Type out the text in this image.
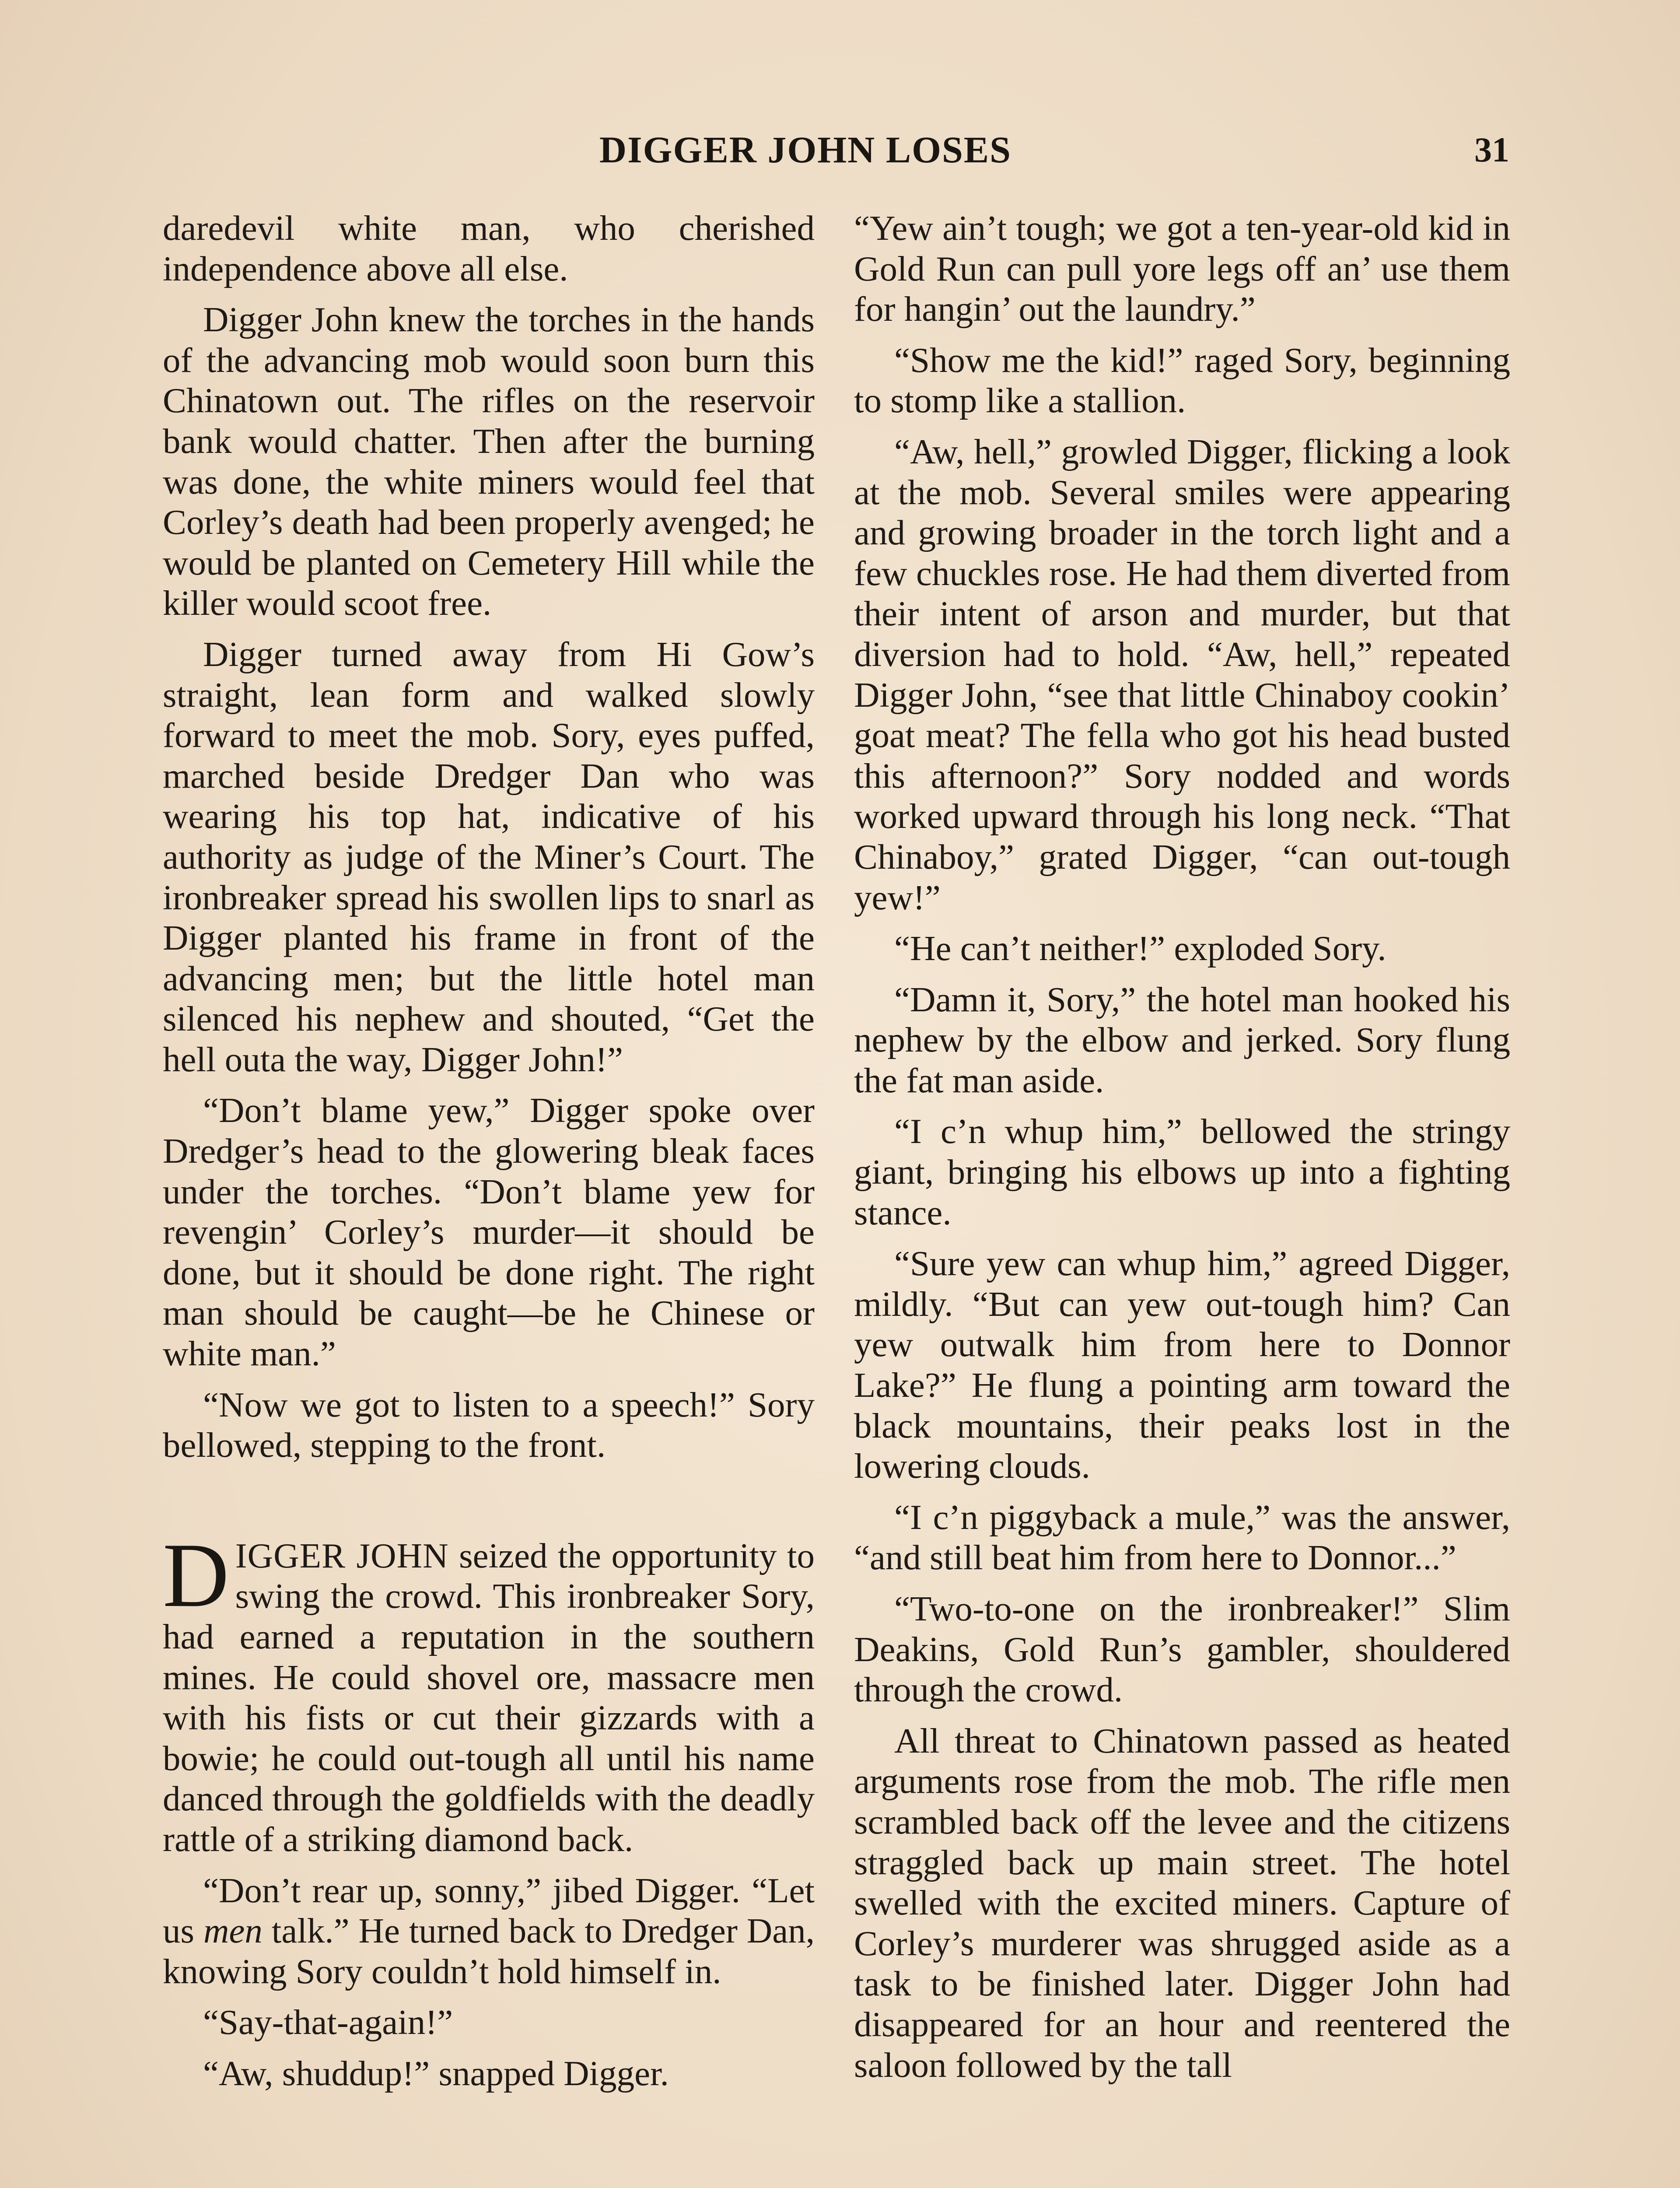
DIGGER JOHN LOSES	31

daredevil white man, who cherished independence above all else.

Digger John knew the torches in the hands of the advancing mob would soon burn this Chinatown out. The rifles on the reservoir bank would chatter. Then after the burning was done, the white miners would feel that Corley’s death had been properly avenged; he would be planted on Cemetery Hill while the killer would scoot free.

Digger turned away from Hi Gow’s straight, lean form and walked slowly forward to meet the mob. Sory, eyes puffed, marched beside Dredger Dan who was wearing his top hat, indicative of his authority as judge of the Miner’s Court. The ironbreaker spread his swollen lips to snarl as Digger planted his frame in front of the advancing men; but the little hotel man silenced his nephew and shouted, “Get the hell outa the way, Digger John!”

“Don’t blame yew,” Digger spoke over Dredger’s head to the glowering bleak faces under the torches. “Don’t blame yew for revengin’ Corley’s murder—it should be done, but it should be done right. The right man should be caught—be he Chinese or white man.”

“Now we got to listen to a speech!” Sory bellowed, stepping to the front.

DIGGER JOHN seized the opportunity to swing the crowd. This ironbreaker Sory, had earned a reputation in the southern mines. He could shovel ore, massacre men with his fists or cut their gizzards with a bowie; he could out-tough all until his name danced through the goldfields with the deadly rattle of a striking diamond back.

“Don’t rear up, sonny,” jibed Digger. “Let us men talk.” He turned back to Dredger Dan, knowing Sory couldn’t hold himself in.

“Say-that-again!”

“Aw, shuddup!” snapped Digger.

“Yew ain’t tough; we got a ten-year-old kid in Gold Run can pull yore legs off an’ use them for hangin’ out the laundry.”

“Show me the kid!” raged Sory, beginning to stomp like a stallion.

“Aw, hell,” growled Digger, flicking a look at the mob. Several smiles were appearing and growing broader in the torch light and a few chuckles rose. He had them diverted from their intent of arson and murder, but that diversion had to hold. “Aw, hell,” repeated Digger John, “see that little Chinaboy cookin’ goat meat? The fella who got his head busted this afternoon?” Sory nodded and words worked upward through his long neck. “That Chinaboy,” grated Digger, “can out-tough yew!”

“He can’t neither!” exploded Sory.

“Damn it, Sory,” the hotel man hooked his nephew by the elbow and jerked. Sory flung the fat man aside.

“I c’n whup him,” bellowed the stringy giant, bringing his elbows up into a fighting stance.

“Sure yew can whup him,” agreed Digger, mildly. “But can yew out-tough him? Can yew outwalk him from here to Donnor Lake?” He flung a pointing arm toward the black mountains, their peaks lost in the lowering clouds.

“I c’n piggyback a mule,” was the answer, “and still beat him from here to Donnor...”

“Two-to-one on the ironbreaker!” Slim Deakins, Gold Run’s gambler, shouldered through the crowd.

All threat to Chinatown passed as heated arguments rose from the mob. The rifle men scrambled back off the levee and the citizens straggled back up main street. The hotel swelled with the excited miners. Capture of Corley’s murderer was shrugged aside as a task to be finished later. Digger John had disappeared for an hour and reentered the saloon followed by the tall
